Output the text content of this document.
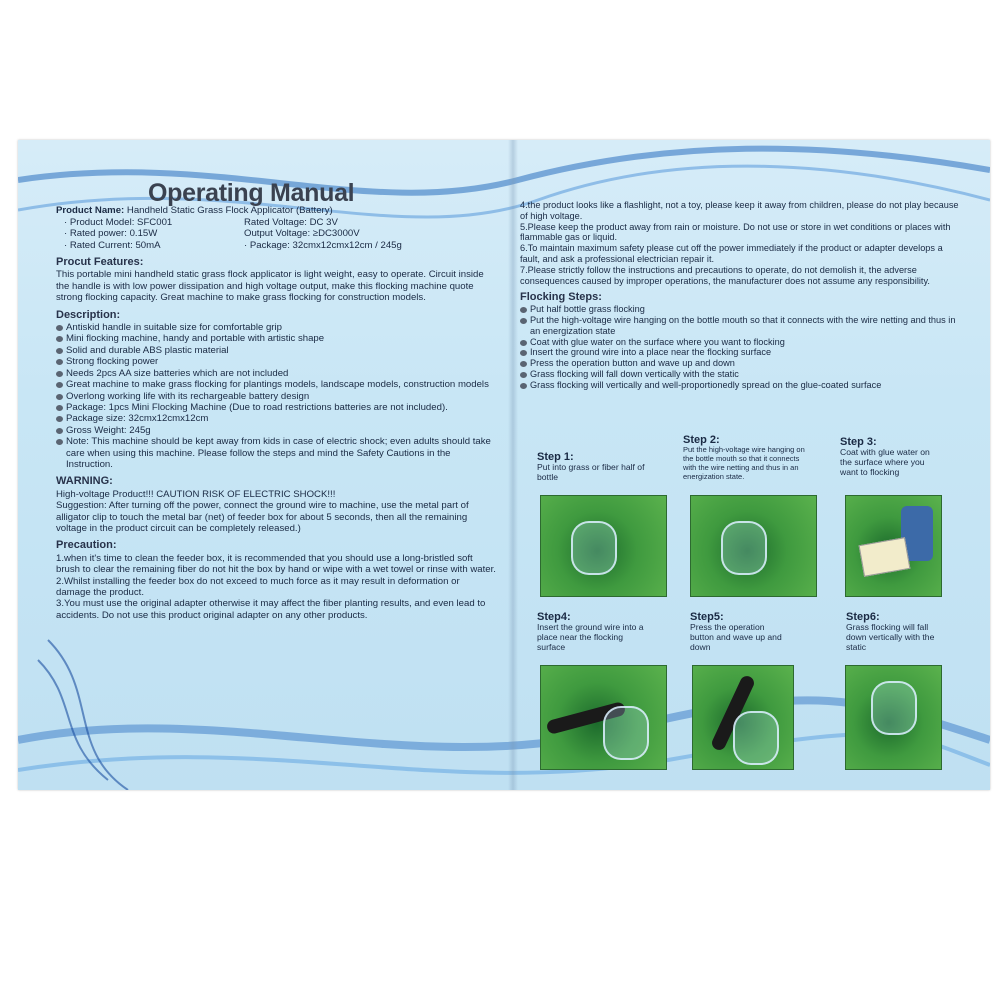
Operating Manual
Product Name: Handheld Static Grass Flock Applicator (Battery)
· Product Model: SFC001	Rated Voltage: DC 3V
· Rated power: 0.15W	Output Voltage: ≥DC3000V
· Rated Current: 50mA	· Package: 32cmx12cmx12cm / 245g
Procut Features:

This portable mini handheld static grass flock applicator is light weight, easy to operate. Circuit inside the handle is with low power dissipation and high voltage output, make this flocking machine quote strong flocking capacity. Great machine to make grass flocking for construction models.

Description:
Antiskid handle in suitable size for comfortable grip
Mini flocking machine, handy and portable with artistic shape
Solid and durable ABS plastic material
Strong flocking power
Needs 2pcs AA size batteries which are not included
Great machine to make grass flocking for plantings models, landscape models, construction models
Overlong working life with its rechargeable battery design
Package: 1pcs Mini Flocking Machine (Due to road restrictions batteries are not included).
Package size: 32cmx12cmx12cm
Gross Weight: 245g
Note: This machine should be kept away from kids in case of electric shock; even adults should take care when using this machine. Please follow the steps and mind the Safety Cautions in the Instruction.
WARNING:

High-voltage Product!!! CAUTION RISK OF ELECTRIC SHOCK!!!

Suggestion: After turning off the power, connect the ground wire to machine, use the metal part of alligator clip to touch the metal bar (net) of feeder box for about 5 seconds, then all the remaining voltage in the product circuit can be completely released.)

Precaution:

1.when it's time to clean the feeder box, it is recommended that you should use a long-bristled soft brush to clear the remaining fiber do not hit the box by hand or wipe with a wet towel or rinse with water.

2.Whilst installing the feeder box do not exceed to much force as it may result in deformation or damage the product.

3.You must use the original adapter otherwise it may affect the fiber planting results, and even lead to accidents. Do not use this product original adapter on any other products.

4.the product looks like a flashlight, not a toy, please keep it away from children, please do not play because of high voltage.

5.Please keep the product away from rain or moisture. Do not use or store in wet conditions or places with flammable gas or liquid.

6.To maintain maximum safety please cut off the power immediately if the product or adapter develops a fault, and ask a professional electrician repair it.

7.Please strictly follow the instructions and precautions to operate, do not demolish it, the adverse consequences caused by improper operations, the manufacturer does not assume any responsibility.

Flocking Steps:
Put half bottle grass flocking
Put the high-voltage wire hanging on the bottle mouth so that it connects with the wire netting and thus in an energization state
Coat with glue water on the surface where you want to flocking
Insert the ground wire into a place near the flocking surface
Press the operation button and wave up and down
Grass flocking will fall down vertically with the static
Grass flocking will vertically and well-proportionedly spread on the glue-coated surface
Step 1:
Put into grass or fiber half of bottle
Step 2:
Put the high-voltage wire hanging on the bottle mouth so that it connects with the wire netting and thus in an energization state.
Step 3:
Coat with glue water on the surface where you want to flocking
Step4:
Insert the ground wire into a place near the flocking surface
Step5:
Press the operation button and wave up and down
Step6:
Grass flocking will fall down vertically with the static
